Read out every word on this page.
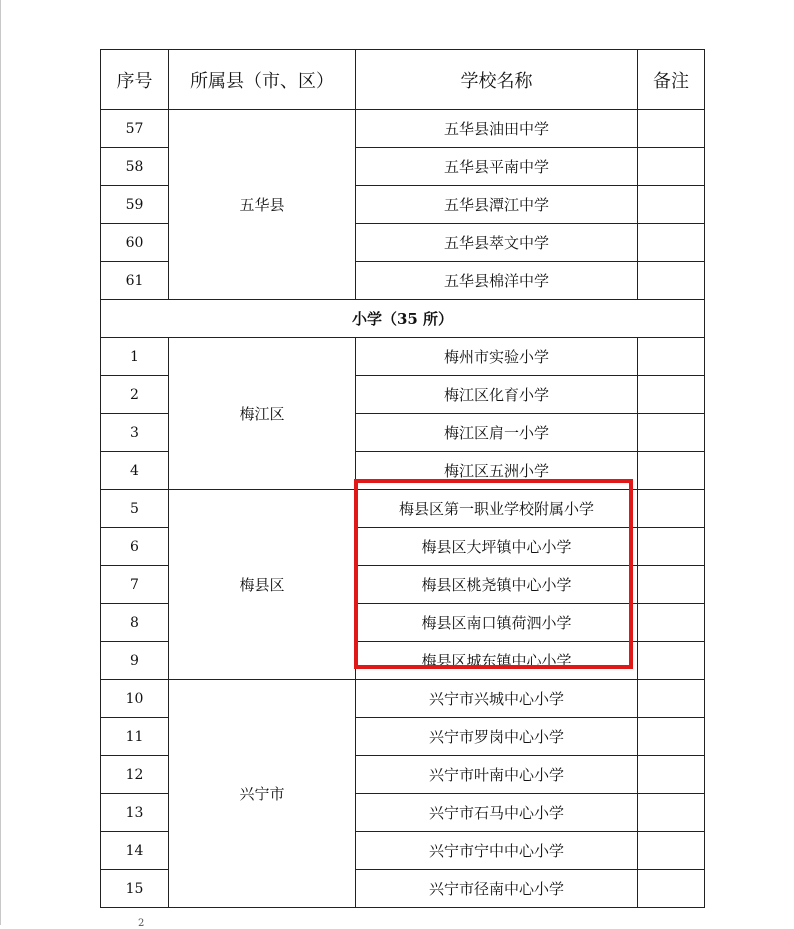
序号	所属县（市、区）	学校名称	备注
57	五华县	五华县油田中学	
58		五华县平南中学	
59		五华县潭江中学	
60		五华县萃文中学	
61		五华县棉洋中学	
小学（35 所）			
1	梅江区	梅州市实验小学	
2		梅江区化育小学	
3		梅江区肩一小学	
4		梅江区五洲小学	
5	梅县区	梅县区第一职业学校附属小学	
6		梅县区大坪镇中心小学	
7		梅县区桃尧镇中心小学	
8		梅县区南口镇荷泗小学	
9		梅县区城东镇中心小学	
10	兴宁市	兴宁市兴城中心小学	
11		兴宁市罗岗中心小学	
12		兴宁市叶南中心小学	
13		兴宁市石马中心小学	
14		兴宁市宁中中心小学	
15		兴宁市径南中心小学	
2
